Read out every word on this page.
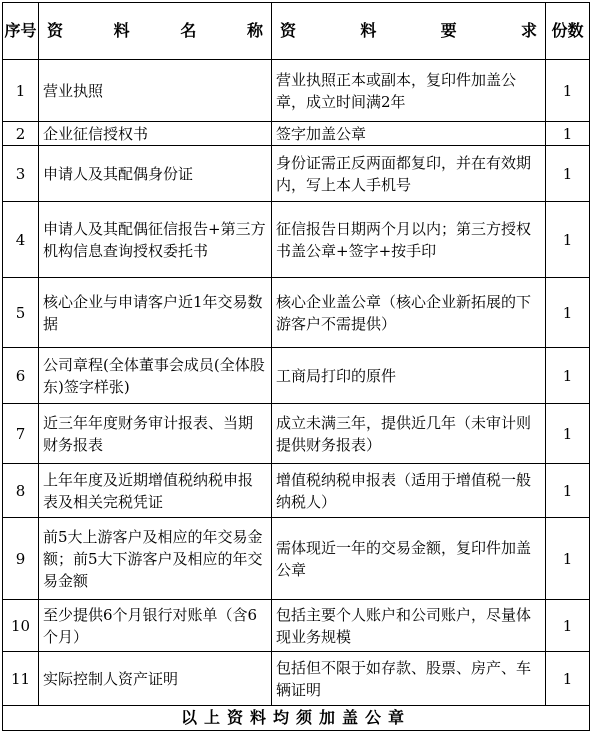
序号	资料名称	资料要求	份数
1	营业执照	营业执照正本或副本，复印件加盖公章，成立时间满2年	1
2	企业征信授权书	签字加盖公章	1
3	申请人及其配偶身份证	身份证需正反两面都复印，并在有效期内，写上本人手机号	1
4	申请人及其配偶征信报告+第三方机构信息查询授权委托书	征信报告日期两个月以内；第三方授权书盖公章+签字+按手印	1
5	核心企业与申请客户近1年交易数据	核心企业盖公章（核心企业新拓展的下游客户不需提供）	1
6	公司章程(全体董事会成员(全体股东)签字样张)	工商局打印的原件	1
7	近三年年度财务审计报表、当期财务报表	成立未满三年，提供近几年（未审计则提供财务报表）	1
8	上年年度及近期增值税纳税申报表及相关完税凭证	增值税纳税申报表（适用于增值税一般纳税人）	1
9	前5大上游客户及相应的年交易金额；前5大下游客户及相应的年交易金额	需体现近一年的交易金额，复印件加盖公章	1
10	至少提供6个月银行对账单（含6个月）	包括主要个人账户和公司账户，尽量体现业务规模	1
11	实际控制人资产证明	包括但不限于如存款、股票、房产、车辆证明	1
以上资料均须加盖公章			
